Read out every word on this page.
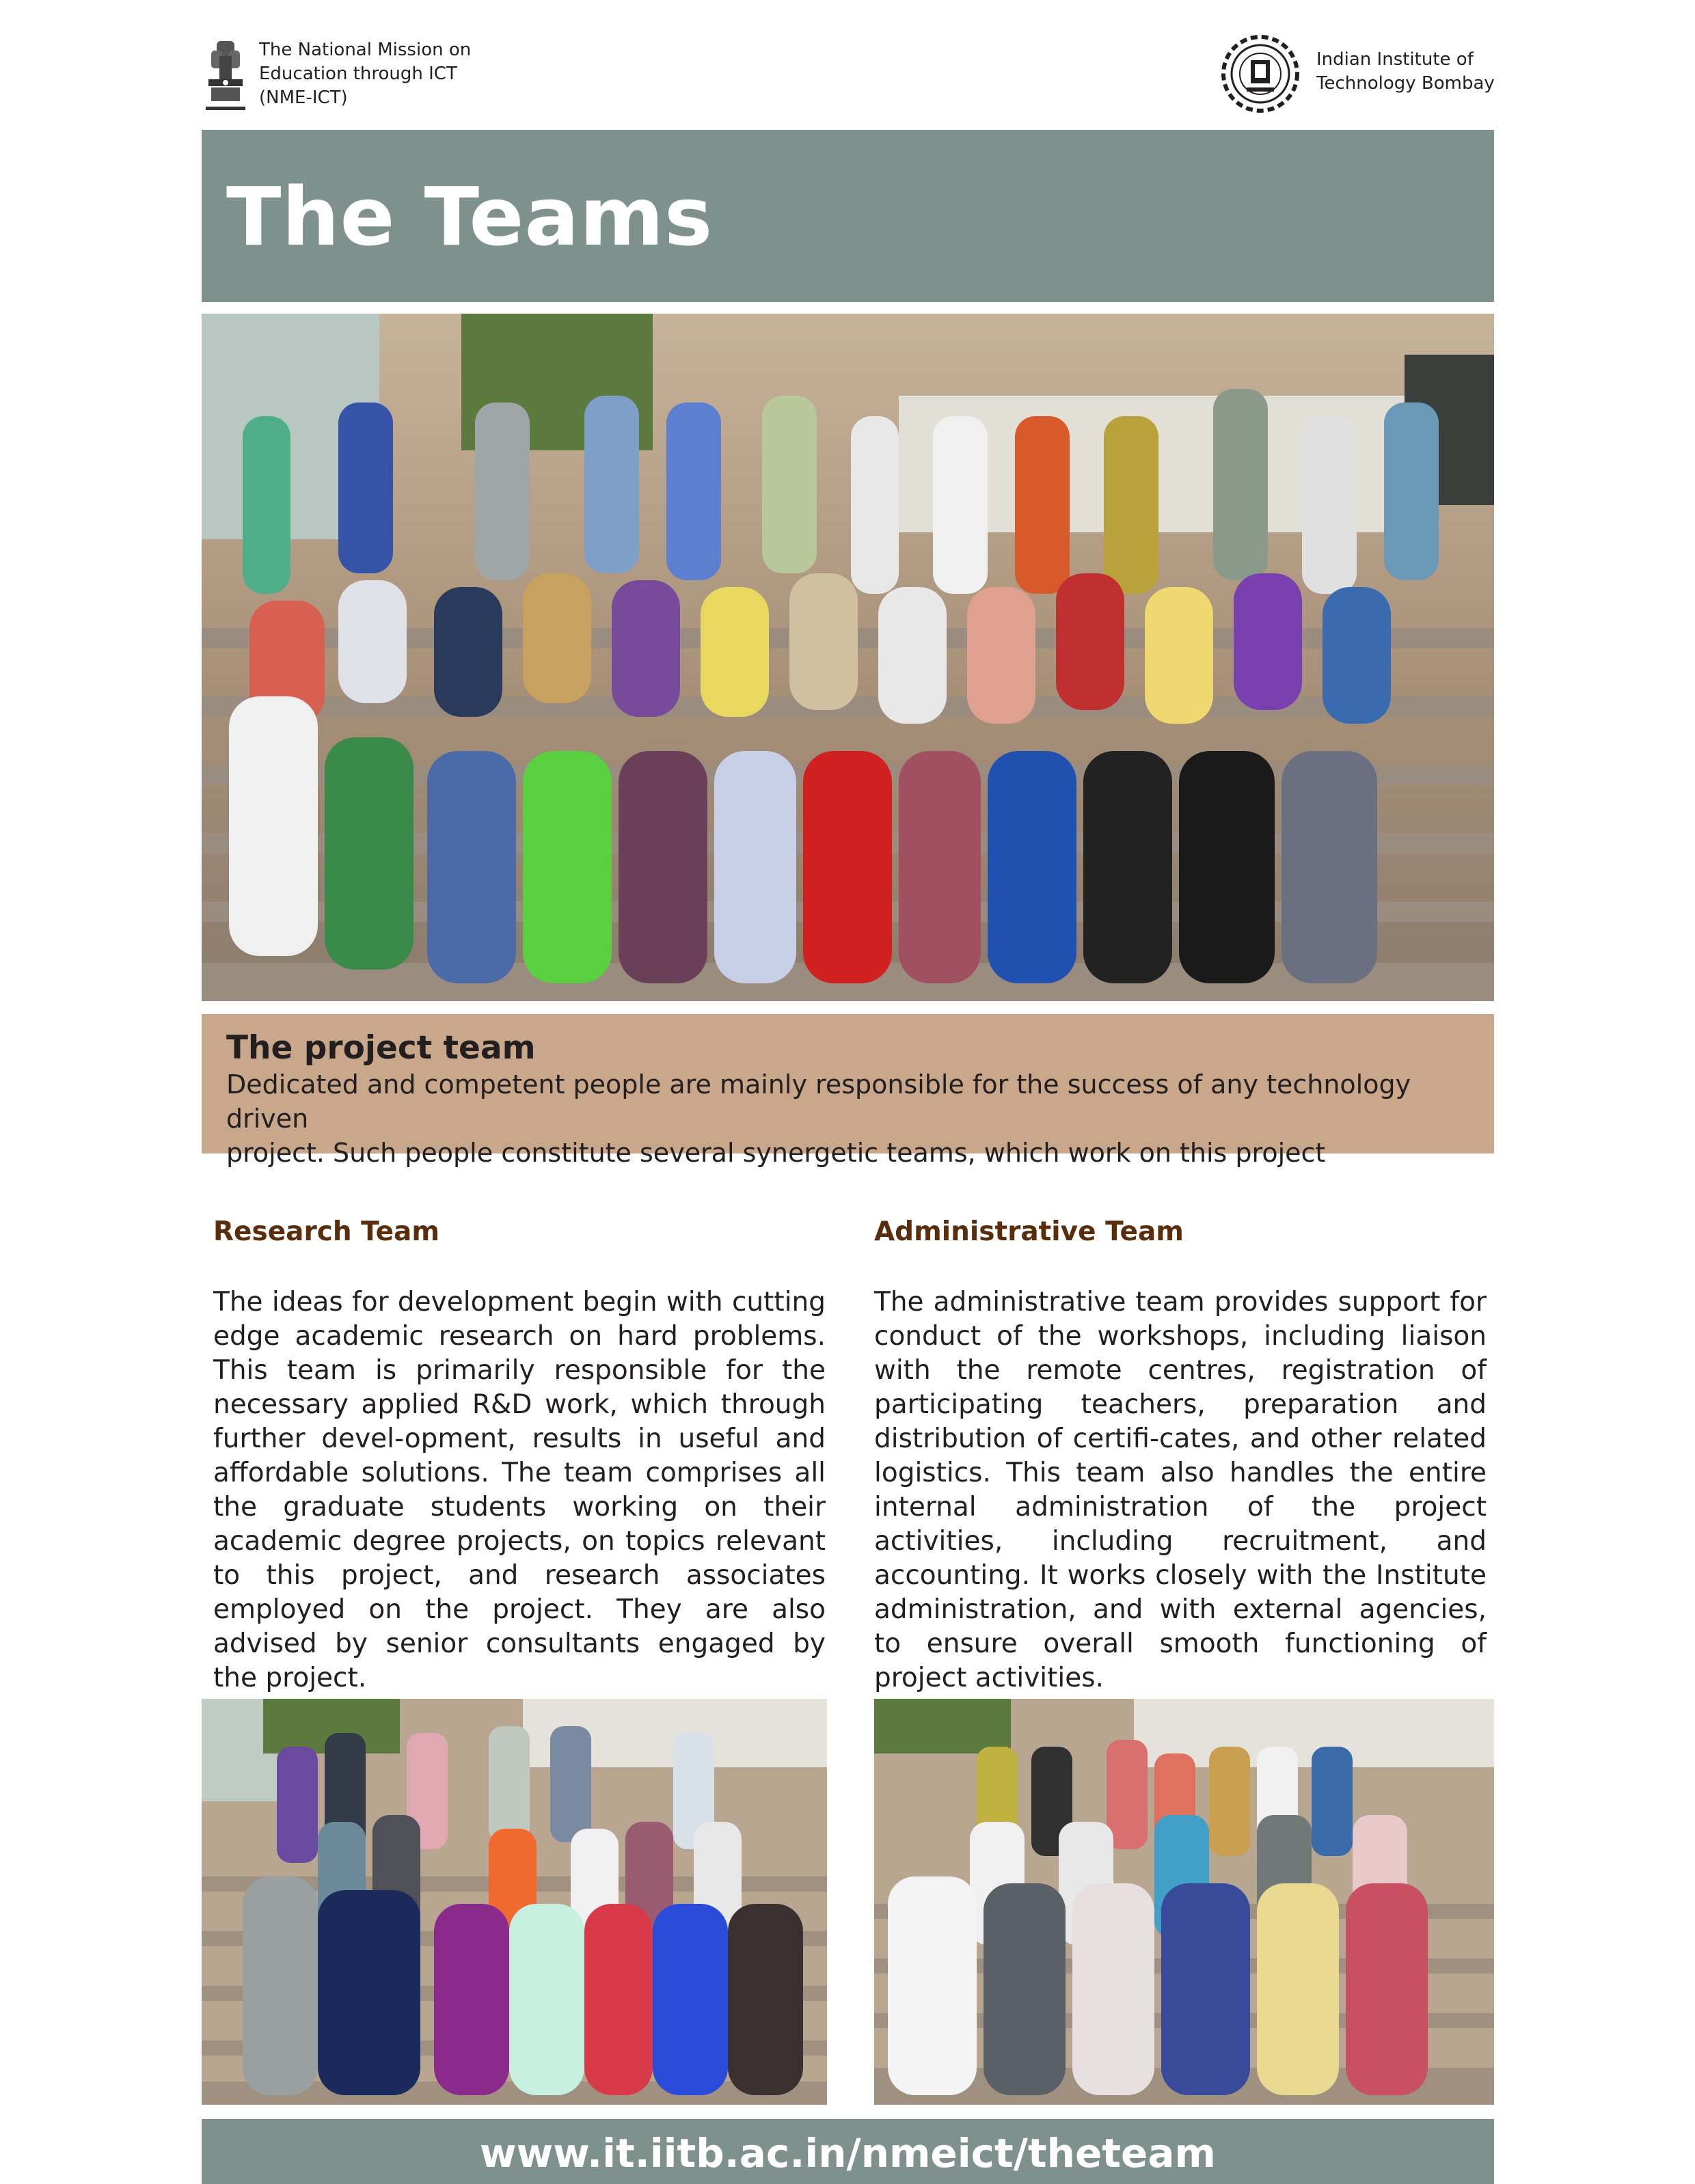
The National Mission on
Education through ICT
(NME-ICT)
Indian Institute of
Technology Bombay
The Teams
The project team

Dedicated and competent people are mainly responsible for the success of any technology driven
project. Such people constitute several synergetic teams, which work on this project

Research Team

The ideas for development begin with cutting edge academic research on hard problems. This team is primarily responsible for the necessary applied R&D work, which through further devel-opment, results in useful and affordable solutions. The team comprises all the graduate students working on their academic degree projects, on topics relevant to this project, and research associates employed on the project. They are also advised by senior consultants engaged by the project.

Administrative Team

The administrative team provides support for conduct of the workshops, including liaison with the remote centres, registration of participating teachers, preparation and distribution of certifi-cates, and other related logistics. This team also handles the entire internal administration of the project activities, including recruitment, and accounting. It works closely with the Institute administration, and with external agencies, to ensure overall smooth functioning of project activities.

www.it.iitb.ac.in/nmeict/theteam
